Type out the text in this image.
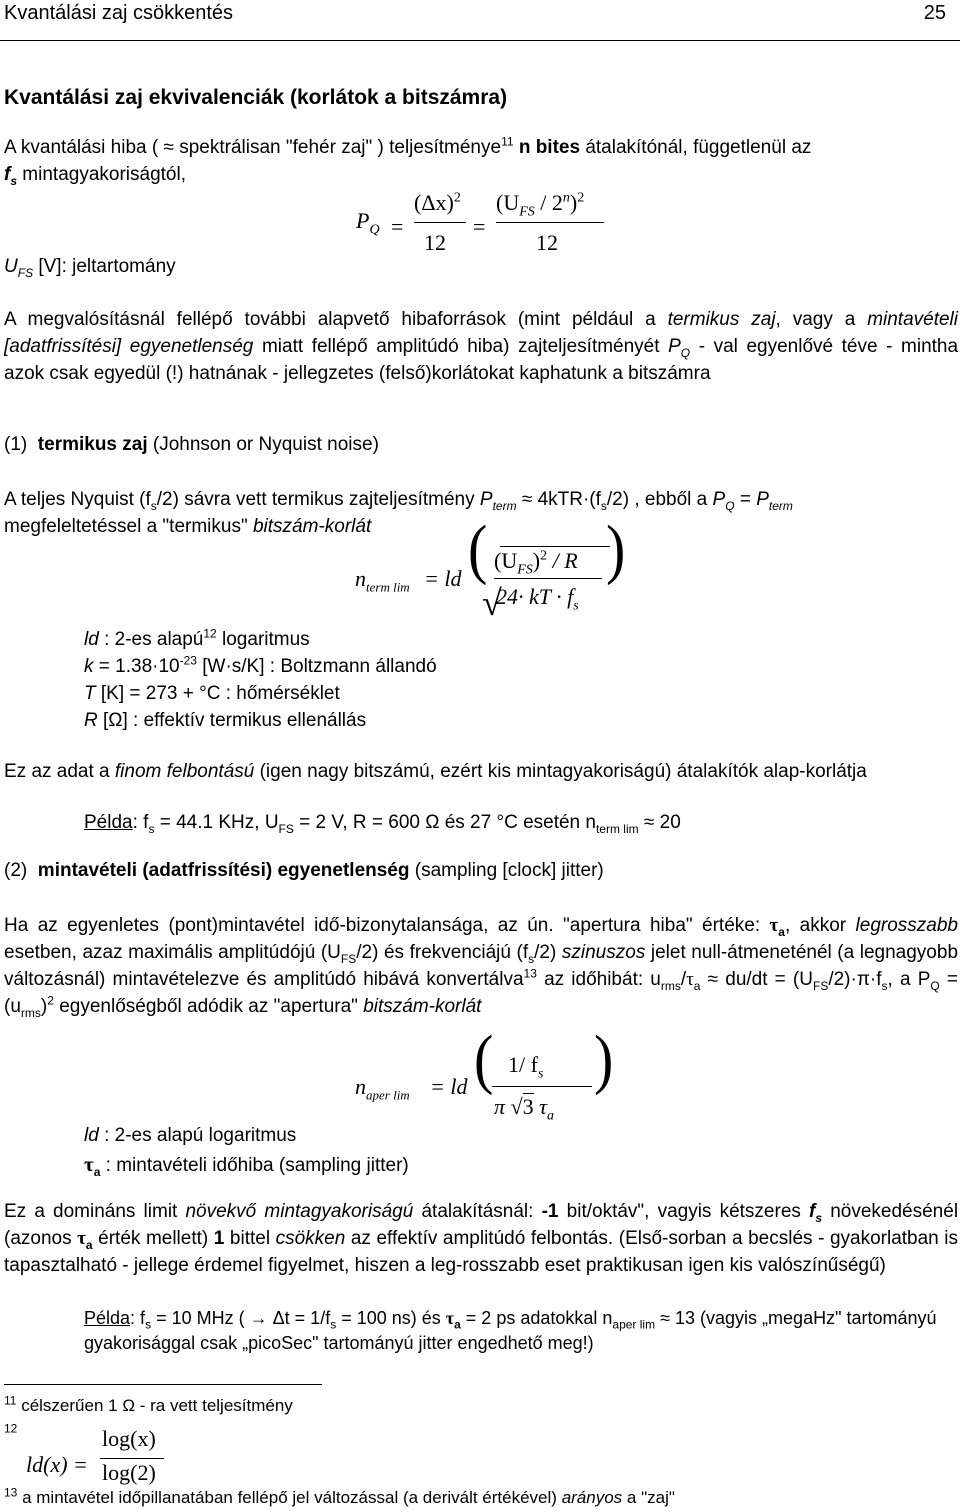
Kvantálási zaj csökkentés	25
Kvantálási zaj ekvivalenciák (korlátok a bitszámra)
A kvantálási hiba ( ≈ spektrálisan "fehér zaj" ) teljesítménye$^{11}$ n bites átalakítónál, függetlenül az
$f_s$ mintagyakoriságtól,
$U_{FS}$ [V]: jeltartomány
$P_Q$ =
$(\Delta x)^2$
12
=
$(U_{FS} / 2^n)^2$
12
A megvalósításnál fellépő további alapvető hibaforrások (mint például a termikus zaj, vagy a mintavételi [adatfrissítési] egyenetlenség miatt fellépő amplitúdó hiba) zajteljesítményét $P_Q$ - val egyenlővé téve - mintha azok csak egyedül (!) hatnának - jellegzetes (felső)korlátokat kaphatunk a bitszámra
(1) termikus zaj (Johnson or Nyquist noise)
A teljes Nyquist $(f_s/2)$ sávra vett termikus zajteljesítmény $P_{term} \approx 4kTR\cdot(f_s/2)$ , ebből a $P_Q = P_{term}$
megfeleltetéssel a "termikus" bitszám-korlát
$n_{term lim}$ = ld (
√
$(U_{FS})^2$ / R
24· kT · $f_s$
)
ld : 2-es alapú$^{12}$ logaritmus
$k = 1.38\cdot 10^{-23}$ [W·s/K] : Boltzmann állandó
T [K] = 273 + °C : hőmérséklet
R [Ω] : effektív termikus ellenállás
Ez az adat a finom felbontású (igen nagy bitszámú, ezért kis mintagyakoriságú) átalakítók alap-korlátja
Példa: $f_s = 44.1$ KHz, $U_{FS} = 2$ V, R = 600 Ω és 27 °C esetén $n_{term lim} \approx 20$
(2) mintavételi (adatfrissítési) egyenetlenség (sampling [clock] jitter)
Ha az egyenletes (pont)mintavétel idő-bizonytalansága, az ún. "apertura hiba" értéke: $\tau_a$, akkor legrosszabb esetben, azaz maximális amplitúdójú $(U_{FS}/2)$ és frekvenciájú $(f_s/2)$ szinuszos jelet null-átmeneténél (a legnagyobb változásnál) mintavételezve és amplitúdó hibává konvertálva$^{13}$ az időhibát: $u_{rms}/\tau_a \approx du/dt = (U_{FS}/2)\cdot\pi\cdot f_s$, a $P_Q = (u_{rms})^2$ egyenlőségből adódik az "apertura" bitszám-korlát
$n_{aper lim}$ = ld ( 1/ $f_s$
π √3 $\tau_a$
)
ld : 2-es alapú logaritmus
$\tau_a$ : mintavételi időhiba (sampling jitter)
Ez a domináns limit növekvő mintagyakoriságú átalakításnál: -1 bit/oktáv", vagyis kétszeres $f_s$ növekedésénél (azonos $\tau_a$ érték mellett) 1 bittel csökken az effektív amplitúdó felbontás. (Első-sorban a becslés - gyakorlatban is tapasztalható - jellege érdemel figyelmet, hiszen a leg-rosszabb eset praktikusan igen kis valószínűségű)
Példa: $f_s = 10$ MHz ( → $\Delta t = 1/f_s = 100$ ns) és $\tau_a = 2$ ps adatokkal $n_{aper lim} \approx 13$ (vagyis „megaHz" tartományú gyakorisággal csak „picoSec" tartományú jitter engedhető meg!)
$^{11}$ célszerűen 1 Ω - ra vett teljesítmény
$^{12}$
ld(x) =
log(x)
log(2)
$^{13}$ a mintavétel időpillanatában fellépő jel változással (a derivált értékével) arányos a "zaj"
